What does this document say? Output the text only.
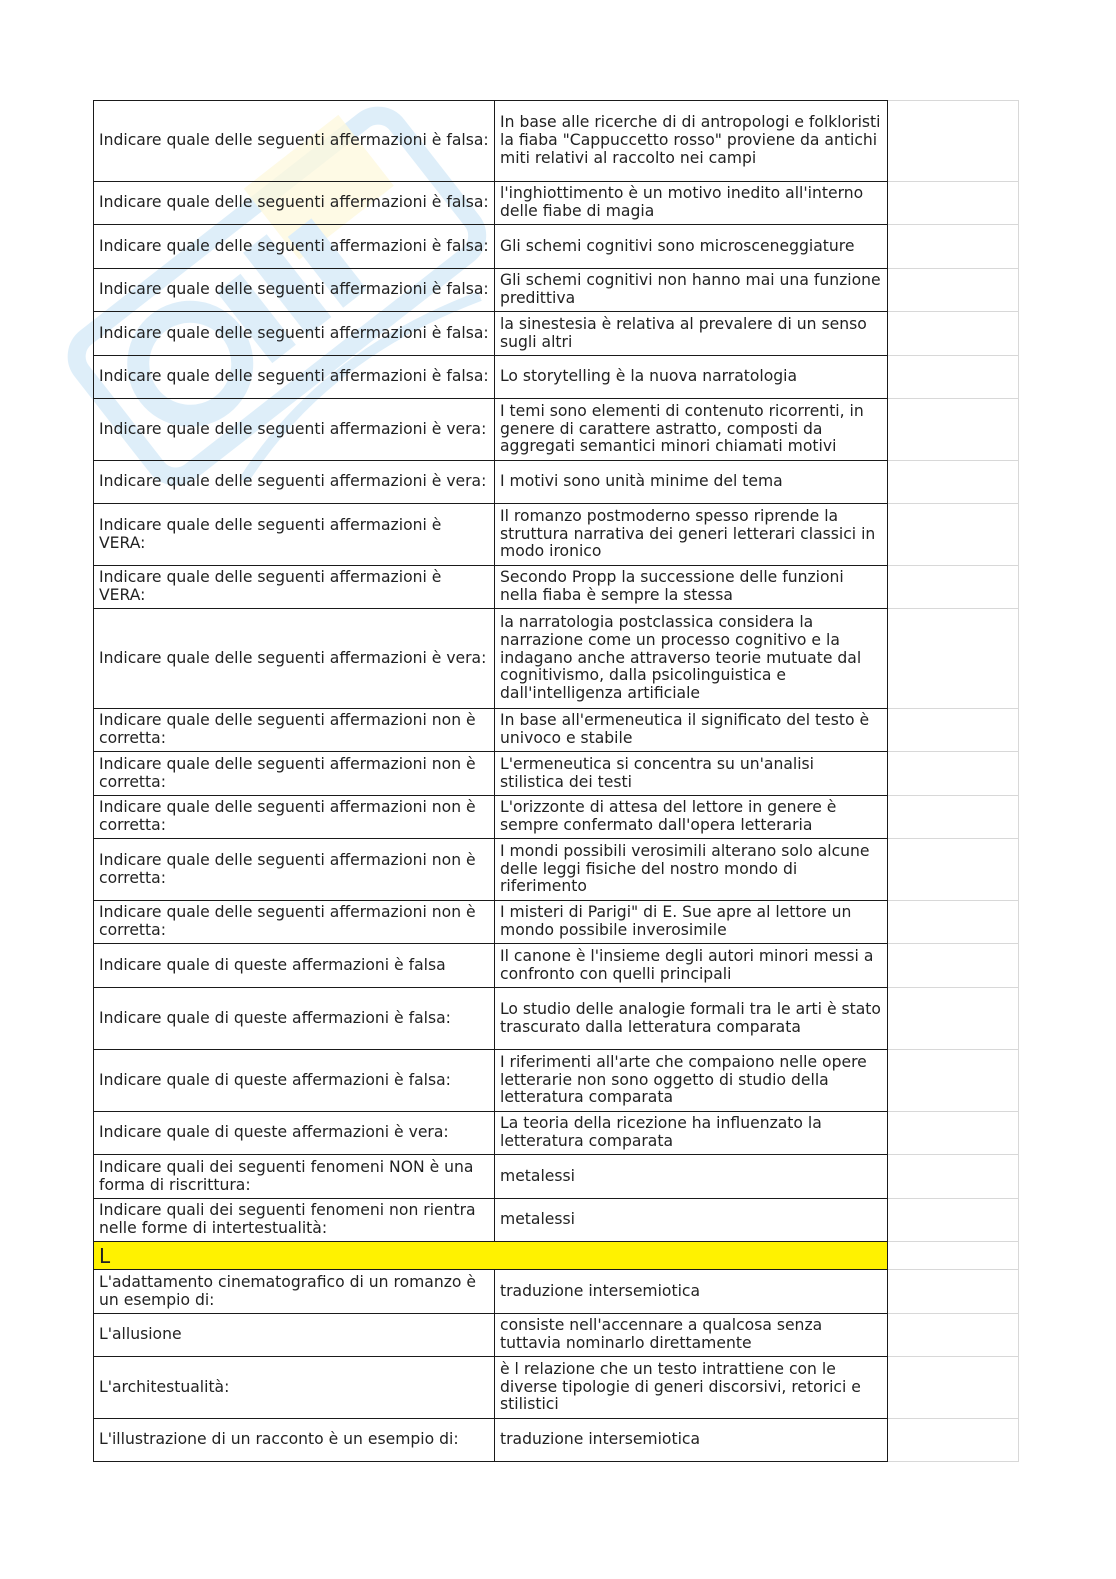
Indicare quale delle seguenti affermazioni è falsa:	In base alle ricerche di di antropologi e folkloristi la fiaba "Cappuccetto rosso" proviene da antichi miti relativi al raccolto nei campi	
Indicare quale delle seguenti affermazioni è falsa:	l'inghiottimento è un motivo inedito all'interno delle fiabe di magia	
Indicare quale delle seguenti affermazioni è falsa:	Gli schemi cognitivi sono microsceneggiature	
Indicare quale delle seguenti affermazioni è falsa:	Gli schemi cognitivi non hanno mai una funzione predittiva	
Indicare quale delle seguenti affermazioni è falsa:	la sinestesia è relativa al prevalere di un senso sugli altri	
Indicare quale delle seguenti affermazioni è falsa:	Lo storytelling è la nuova narratologia	
Indicare quale delle seguenti affermazioni è vera:	I temi sono elementi di contenuto ricorrenti, in genere di carattere astratto, composti da aggregati semantici minori chiamati motivi	
Indicare quale delle seguenti affermazioni è vera:	I motivi sono unità minime del tema	
Indicare quale delle seguenti affermazioni è VERA:	Il romanzo postmoderno spesso riprende la struttura narrativa dei generi letterari classici in modo ironico	
Indicare quale delle seguenti affermazioni è VERA:	Secondo Propp la successione delle funzioni nella fiaba è sempre la stessa	
Indicare quale delle seguenti affermazioni è vera:	la narratologia postclassica considera la narrazione come un processo cognitivo e la indagano anche attraverso teorie mutuate dal cognitivismo, dalla psicolinguistica e dall'intelligenza artificiale	
Indicare quale delle seguenti affermazioni non è corretta:	In base all'ermeneutica il significato del testo è univoco e stabile	
Indicare quale delle seguenti affermazioni non è corretta:	L'ermeneutica si concentra su un'analisi stilistica dei testi	
Indicare quale delle seguenti affermazioni non è corretta:	L'orizzonte di attesa del lettore in genere è sempre confermato dall'opera letteraria	
Indicare quale delle seguenti affermazioni non è corretta:	I mondi possibili verosimili alterano solo alcune delle leggi fisiche del nostro mondo di riferimento	
Indicare quale delle seguenti affermazioni non è corretta:	I misteri di Parigi" di E. Sue apre al lettore un mondo possibile inverosimile	
Indicare quale di queste affermazioni è falsa	Il canone è l'insieme degli autori minori messi a confronto con quelli principali	
Indicare quale di queste affermazioni è falsa:	Lo studio delle analogie formali tra le arti è stato trascurato dalla letteratura comparata	
Indicare quale di queste affermazioni è falsa:	I riferimenti all'arte che compaiono nelle opere letterarie non sono oggetto di studio della letteratura comparata	
Indicare quale di queste affermazioni è vera:	La teoria della ricezione ha influenzato la letteratura comparata	
Indicare quali dei seguenti fenomeni NON è una forma di riscrittura:	metalessi	
Indicare quali dei seguenti fenomeni non rientra nelle forme di intertestualità:	metalessi	
L		
L'adattamento cinematografico di un romanzo è un esempio di:	traduzione intersemiotica	
L'allusione	consiste nell'accennare a qualcosa senza tuttavia nominarlo direttamente	
L'architestualità:	è l relazione che un testo intrattiene con le diverse tipologie di generi discorsivi, retorici e stilistici	
L'illustrazione di un racconto è un esempio di:	traduzione intersemiotica	
